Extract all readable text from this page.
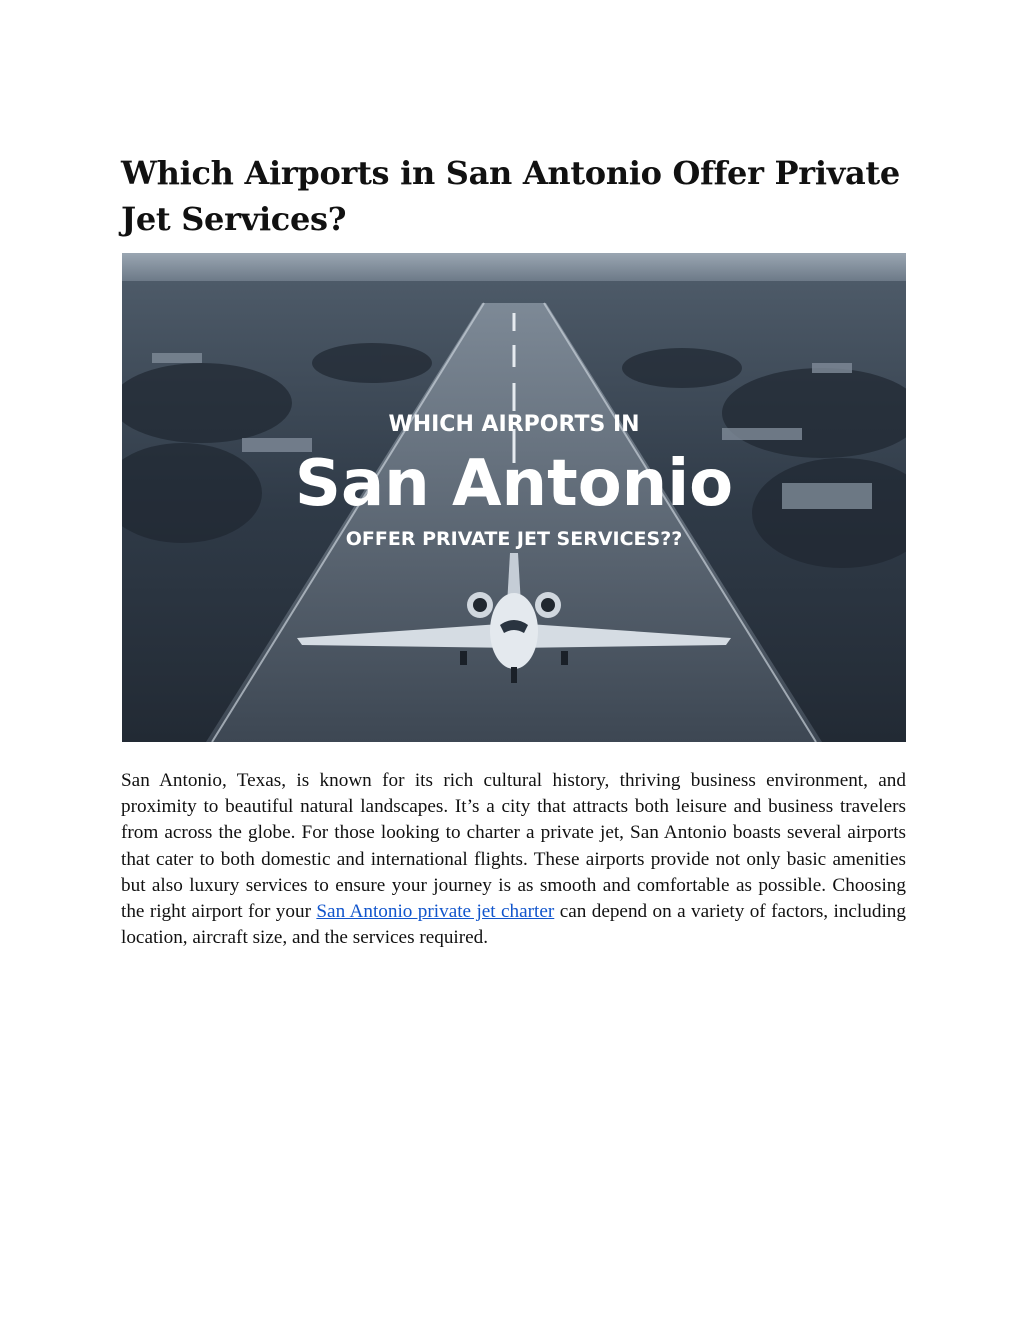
Which Airports in San Antonio Offer Private Jet Services?
WHICH AIRPORTS IN
San Antonio
OFFER PRIVATE JET SERVICES??

San Antonio, Texas, is known for its rich cultural history, thriving business environment, and proximity to beautiful natural landscapes. It’s a city that attracts both leisure and business travelers from across the globe. For those looking to charter a private jet, San Antonio boasts several airports that cater to both domestic and international flights. These airports provide not only basic amenities but also luxury services to ensure your journey is as smooth and comfortable as possible. Choosing the right airport for your San Antonio private jet charter can depend on a variety of factors, including location, aircraft size, and the services required.
